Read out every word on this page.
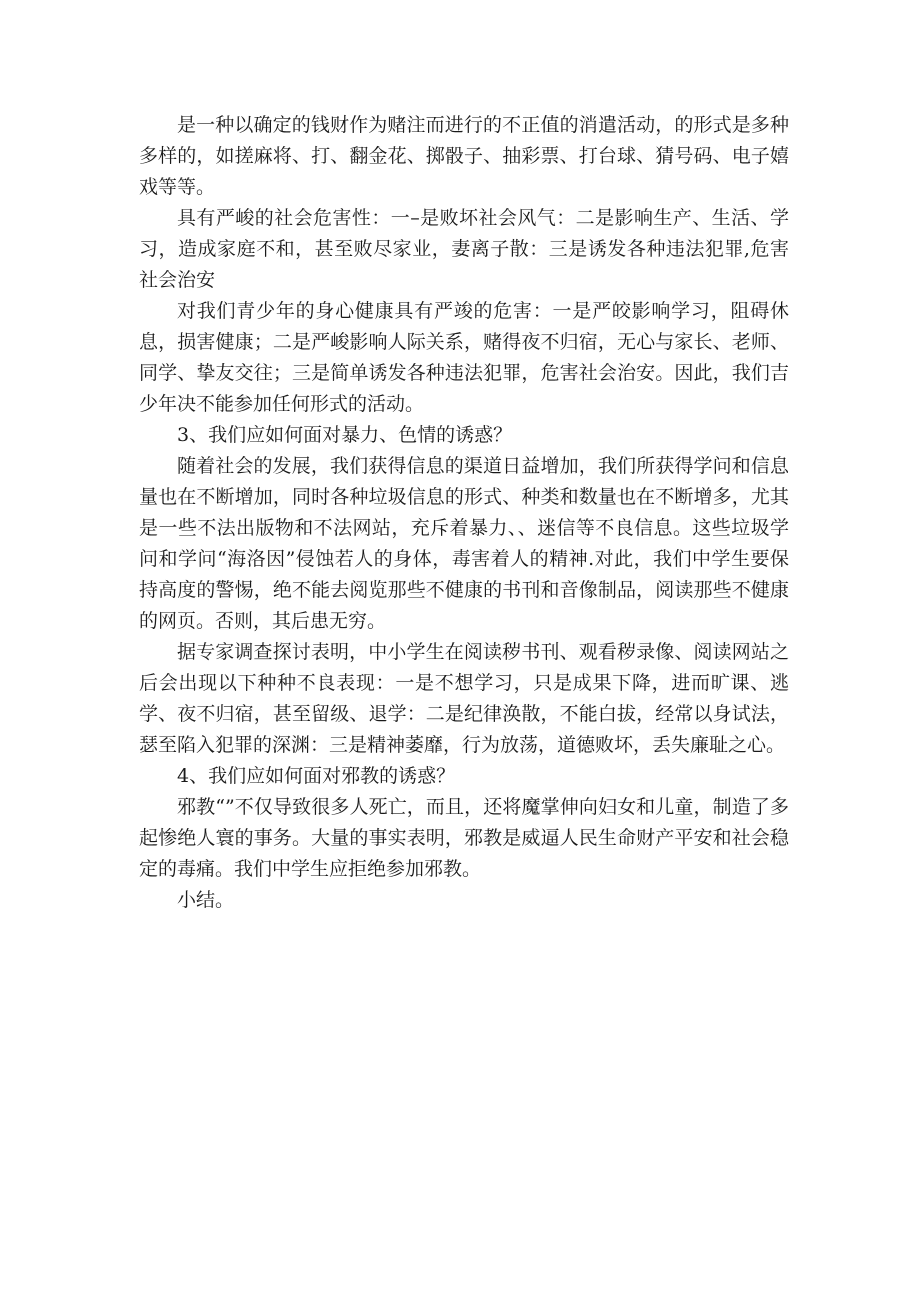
是一种以确定的钱财作为赌注而进行的不正值的消遣活动，的形式是多种多样的，如搓麻将、打、翻金花、掷骰子、抽彩票、打台球、猜号码、电子嬉戏等等。

具有严峻的社会危害性：一–是败坏社会风气：二是影响生产、生活、学习，造成家庭不和，甚至败尽家业，妻离子散：三是诱发各种违法犯罪,危害社会治安

对我们青少年的身心健康具有严竣的危害：一是严皎影响学习，阻碍休息，损害健康；二是严峻影响人际关系，赌得夜不归宿，无心与家长、老师、同学、挚友交往；三是简单诱发各种违法犯罪，危害社会治安。因此，我们吉少年决不能参加任何形式的活动。

3、我们应如何面对暴力、色情的诱惑？

随着社会的发展，我们获得信息的渠道日益增加，我们所获得学问和信息量也在不断增加，同时各种垃圾信息的形式、种类和数量也在不断增多，尤其是一些不法出版物和不法网站，充斥着暴力、、迷信等不良信息。这些垃圾学问和学问“海洛因”侵蚀若人的身体，毒害着人的精神.对此，我们中学生要保持高度的警惕，绝不能去阅览那些不健康的书刊和音像制品，阅读那些不健康的网页。否则，其后患无穷。

据专家调查探讨表明，中小学生在阅读秽书刊、观看秽录像、阅读网站之后会出现以下种种不良表现：一是不想学习，只是成果下降，进而旷课、逃学、夜不归宿，甚至留级、退学：二是纪律涣散，不能白拔，经常以身试法，瑟至陷入犯罪的深渊：三是精神萎靡，行为放荡，道德败坏，丢失廉耻之心。

4、我们应如何面对邪教的诱惑？

邪教“”不仅导致很多人死亡，而且，还将魔掌伸向妇女和儿童，制造了多起惨绝人寰的事务。大量的事实表明，邪教是威逼人民生命财产平安和社会稳定的毒痛。我们中学生应拒绝参加邪教。

小结。
